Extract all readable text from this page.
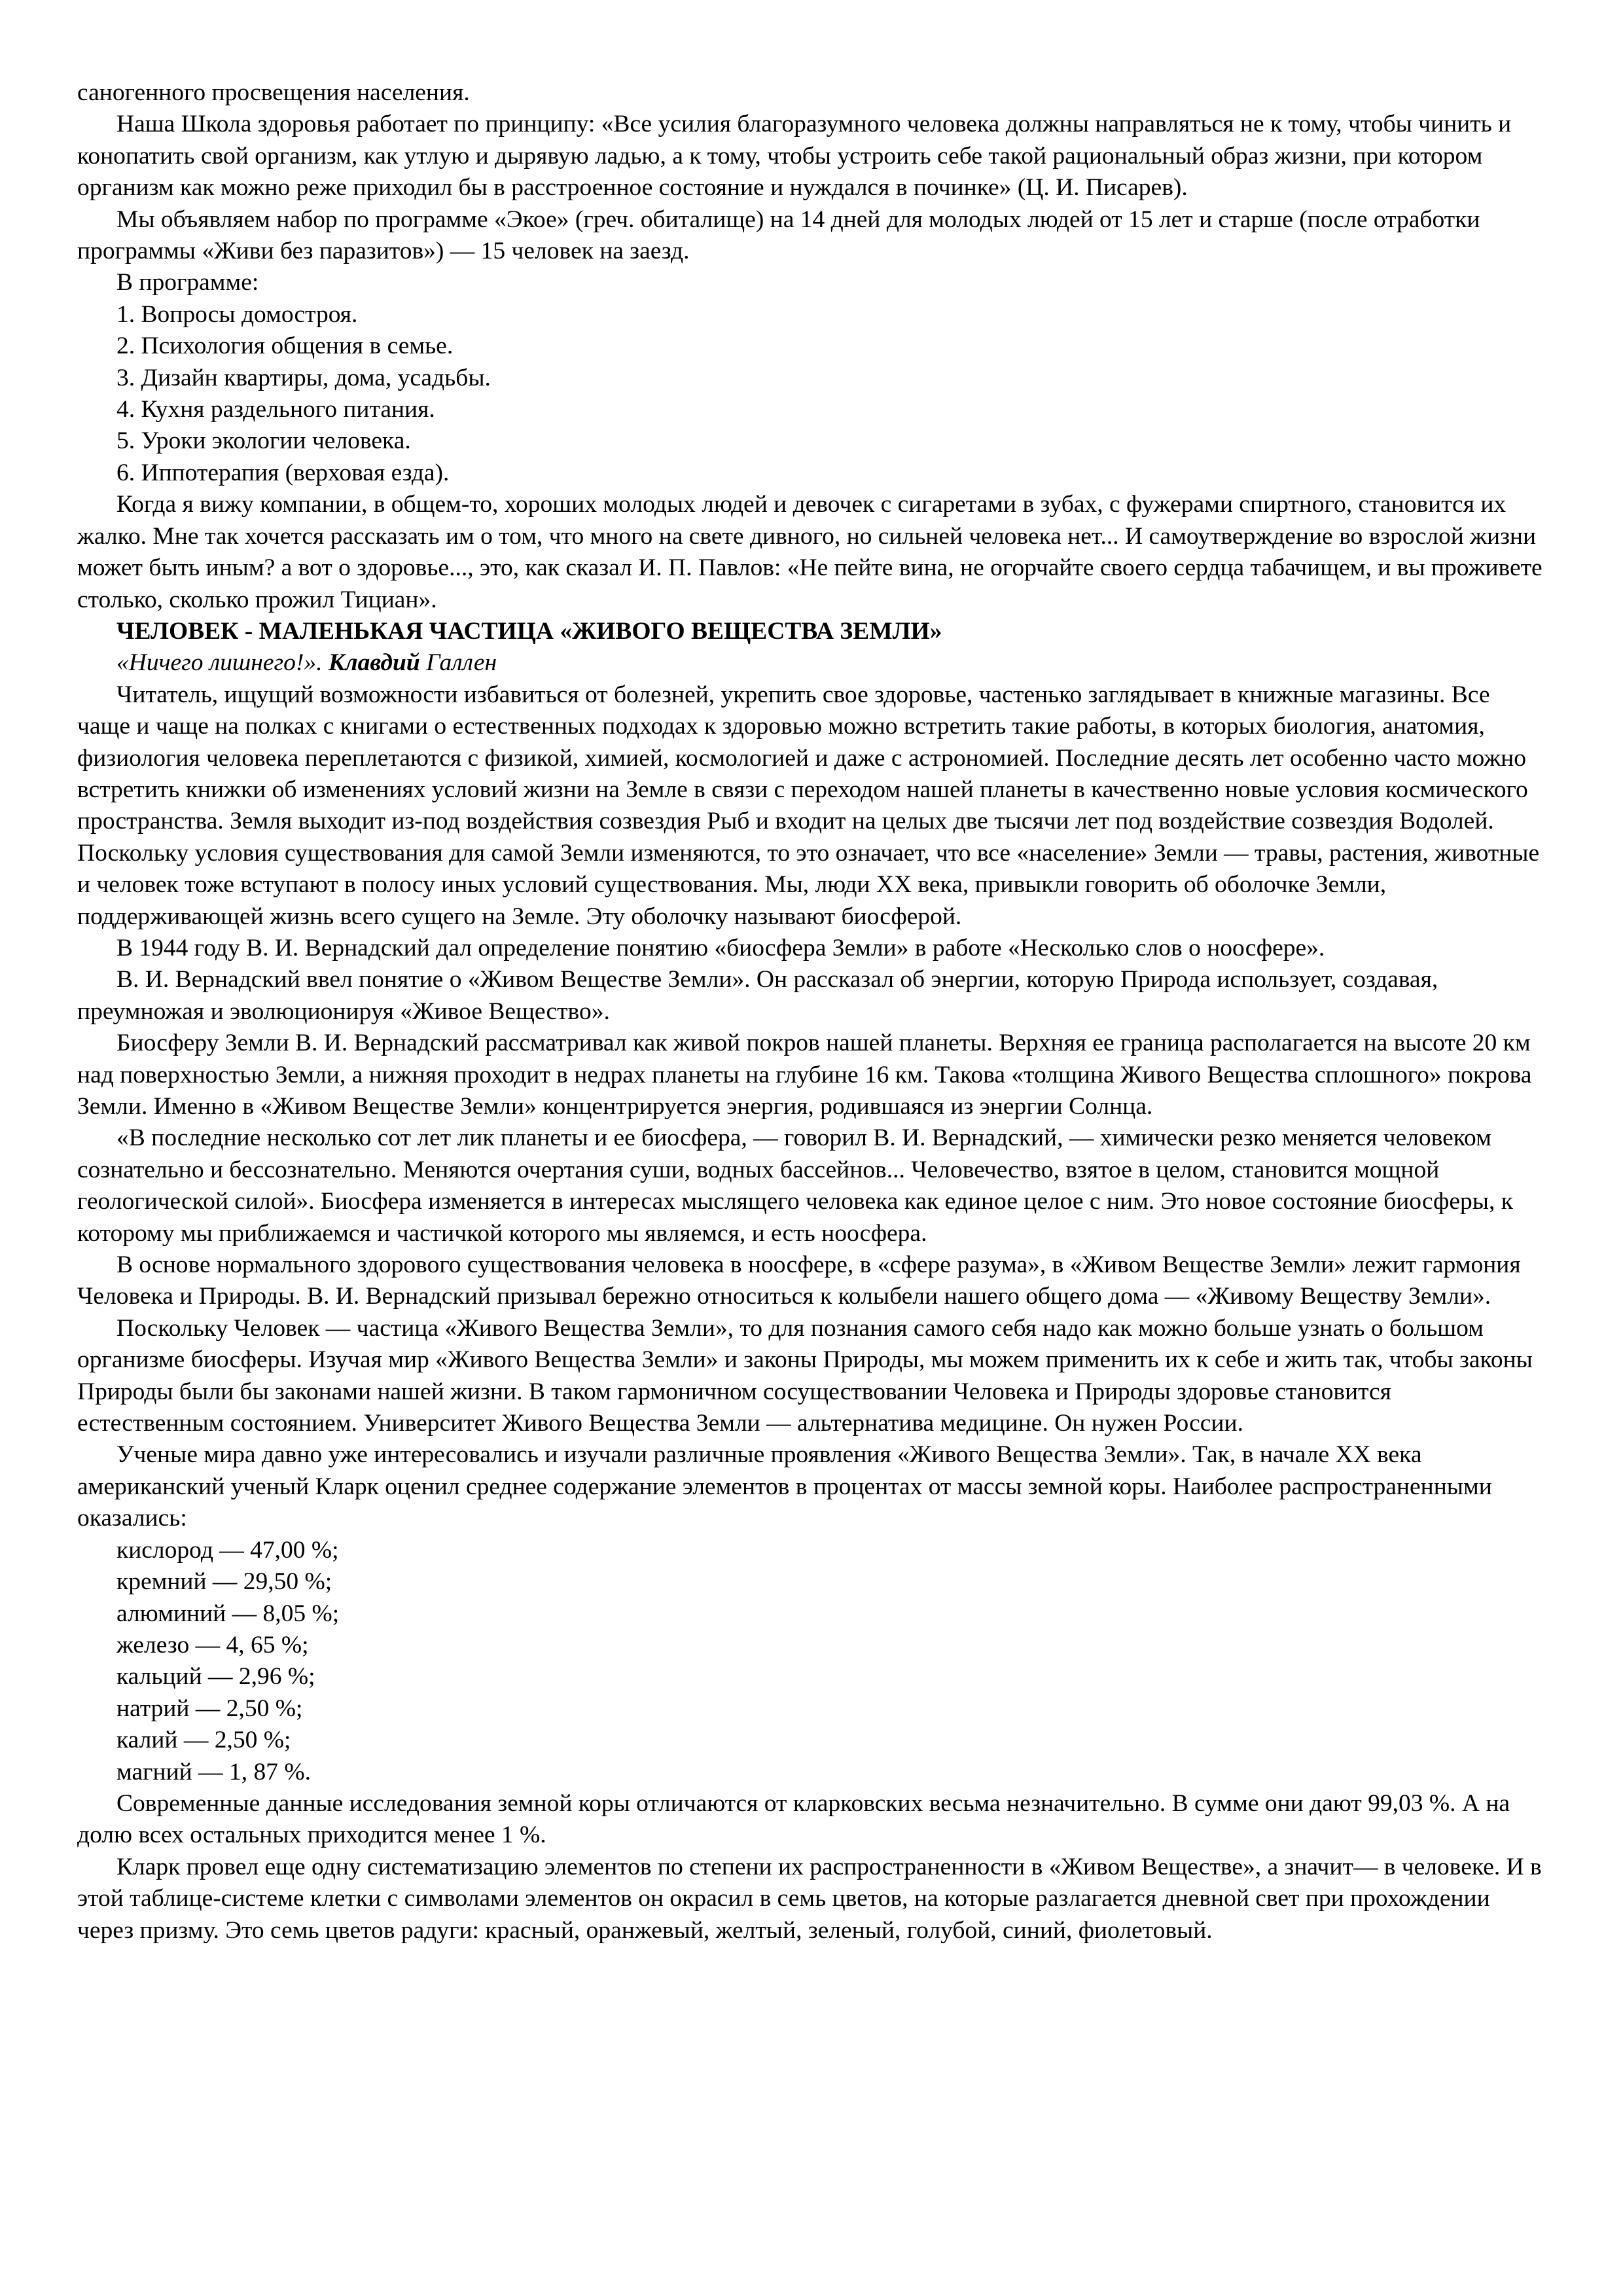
саногенного просвещения населения.

Наша Школа здоровья работает по принципу: «Все усилия благоразумного человека должны направляться не к тому, чтобы чинить и конопатить свой организм, как утлую и дырявую ладью, а к тому, чтобы устроить себе такой рациональный образ жизни, при котором организм как можно реже приходил бы в расстроенное состояние и нуждался в починке» (Ц. И. Писарев).

Мы объявляем набор по программе «Экое» (греч. обиталище) на 14 дней для молодых людей от 15 лет и старше (после отработки программы «Живи без паразитов») — 15 человек на заезд.

В программе:

1. Вопросы домостроя.
2. Психология общения в семье.
3. Дизайн квартиры, дома, усадьбы.
4. Кухня раздельного питания.
5. Уроки экологии человека.
6. Иппотерапия (верховая езда).

Когда я вижу компании, в общем-то, хороших молодых людей и девочек с сигаретами в зубах, с фужерами спиртного, становится их жалко. Мне так хочется рассказать им о том, что много на свете дивного, но сильней человека нет... И самоутверждение во взрослой жизни может быть иным? а вот о здоровье..., это, как сказал И. П. Павлов: «Не пейте вина, не огорчайте своего сердца табачищем, и вы проживете столько, сколько прожил Тициан».

ЧЕЛОВЕК - МАЛЕНЬКАЯ ЧАСТИЦА «ЖИВОГО ВЕЩЕСТВА ЗЕМЛИ»
«Ничего лишнего!». Клавдий Галлен

Читатель, ищущий возможности избавиться от болезней, укрепить свое здоровье, частенько заглядывает в книжные магазины. Все чаще и чаще на полках с книгами о естественных подходах к здоровью можно встретить такие работы, в которых биология, анатомия, физиология человека переплетаются с физикой, химией, космологией и даже с астрономией. Последние десять лет особенно часто можно встретить книжки об изменениях условий жизни на Земле в связи с переходом нашей планеты в качественно новые условия космического пространства. Земля выходит из-под воздействия созвездия Рыб и входит на целых две тысячи лет под воздействие созвездия Водолей. Поскольку условия существования для самой Земли изменяются, то это означает, что все «население» Земли — травы, растения, животные и человек тоже вступают в полосу иных условий существования. Мы, люди XX века, привыкли говорить об оболочке Земли, поддерживающей жизнь всего сущего на Земле. Эту оболочку называют биосферой.

В 1944 году В. И. Вернадский дал определение понятию «биосфера Земли» в работе «Несколько слов о ноосфере».

В. И. Вернадский ввел понятие о «Живом Веществе Земли». Он рассказал об энергии, которую Природа использует, создавая, преумножая и эволюционируя «Живое Вещество».

Биосферу Земли В. И. Вернадский рассматривал как живой покров нашей планеты. Верхняя ее граница располагается на высоте 20 км над поверхностью Земли, а нижняя проходит в недрах планеты на глубине 16 км. Такова «толщина Живого Вещества сплошного» покрова Земли. Именно в «Живом Веществе Земли» концентрируется энергия, родившаяся из энергии Солнца.

«В последние несколько сот лет лик планеты и ее биосфера, — говорил В. И. Вернадский, — химически резко меняется человеком сознательно и бессознательно. Меняются очертания суши, водных бассейнов... Человечество, взятое в целом, становится мощной геологической силой». Биосфера изменяется в интересах мыслящего человека как единое целое с ним. Это новое состояние биосферы, к которому мы приближаемся и частичкой которого мы являемся, и есть ноосфера.

В основе нормального здорового существования человека в ноосфере, в «сфере разума», в «Живом Веществе Земли» лежит гармония Человека и Природы. В. И. Вернадский призывал бережно относиться к колыбели нашего общего дома — «Живому Веществу Земли».

Поскольку Человек — частица «Живого Вещества Земли», то для познания самого себя надо как можно больше узнать о большом организме биосферы. Изучая мир «Живого Вещества Земли» и законы Природы, мы можем применить их к себе и жить так, чтобы законы Природы были бы законами нашей жизни. В таком гармоничном сосуществовании Человека и Природы здоровье становится естественным состоянием. Университет Живого Вещества Земли — альтернатива медицине. Он нужен России.

Ученые мира давно уже интересовались и изучали различные проявления «Живого Вещества Земли». Так, в начале XX века американский ученый Кларк оценил среднее содержание элементов в процентах от массы земной коры. Наиболее распространенными оказались:

кислород — 47,00 %;
кремний — 29,50 %;
алюминий — 8,05 %;
железо — 4, 65 %;
кальций — 2,96 %;
натрий — 2,50 %;
калий — 2,50 %;
магний — 1, 87 %.

Современные данные исследования земной коры отличаются от кларковских весьма незначительно. В сумме они дают 99,03 %. А на долю всех остальных приходится менее 1 %.

Кларк провел еще одну систематизацию элементов по степени их распространенности в «Живом Веществе», а значит— в человеке. И в этой таблице-системе клетки с символами элементов он окрасил в семь цветов, на которые разлагается дневной свет при прохождении через призму. Это семь цветов радуги: красный, оранжевый, желтый, зеленый, голубой, синий, фиолетовый.
